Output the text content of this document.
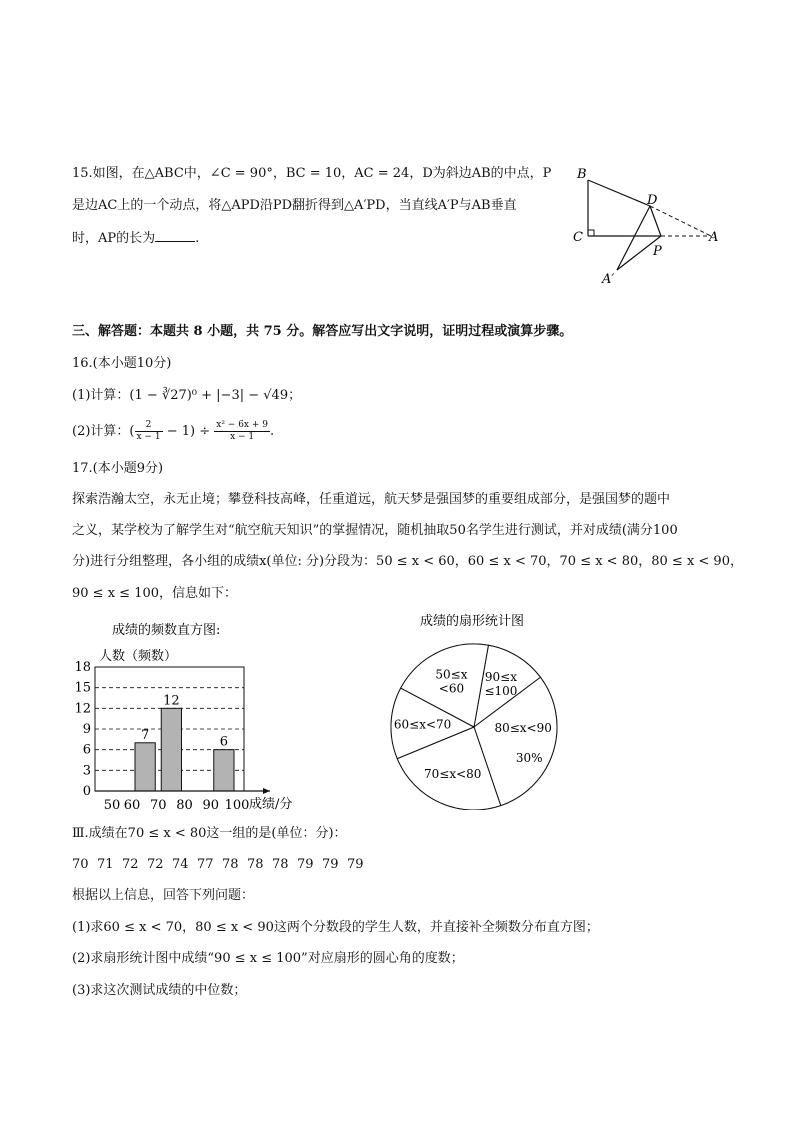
15.如图，在△ABC中，∠C = 90°，BC = 10，AC = 24，D为斜边AB的中点，P
是边AC上的一个动点，将△APD沿PD翻折得到△A′PD，当直线A′P与AB垂直
时，AP的长为	.
B
C
D
A
P
A′
三、解答题：本题共 8 小题，共 75 分。解答应写出文字说明，证明过程或演算步骤。
16.(本小题10分)
(1)计算：(1 − ∛27)⁰ + |−3| − √49；
(2)计算：( $\frac{2}{x - 1} - 1) \div \frac{\text{x² − 6x + 9}}{x - 1}$ .
17.(本小题9分)
探索浩瀚太空，永无止境；攀登科技高峰，任重道远，航天梦是强国梦的重要组成部分，是强国梦的题中
之义，某学校为了解学生对“航空航天知识”的掌握情况，随机抽取50名学生进行测试，并对成绩(满分100
分)进行分组整理，各小组的成绩x(单位: 分)分段为：50 ≤ x < 60，60 ≤ x < 70，70 ≤ x < 80，80 ≤ x < 90，
90 ≤ x ≤ 100，信息如下：
成绩的频数直方图:
人数（频数）
成绩/分
7
12
6
0
3
6
9
12
15
18
50 60 70 80 90 100
成绩的扇形统计图
90≤x
≤100
80≤x<90
30%
70≤x<80
60≤x<70
50≤x
<60
Ⅲ.成绩在70 ≤ x < 80这一组的是(单位：分)：
70 71 72 72 74 77 78 78 78 79 79 79
根据以上信息，回答下列问题：
(1)求60 ≤ x < 70，80 ≤ x < 90这两个分数段的学生人数，并直接补全频数分布直方图；
(2)求扇形统计图中成绩“90 ≤ x ≤ 100”对应扇形的圆心角的度数；
(3)求这次测试成绩的中位数；
